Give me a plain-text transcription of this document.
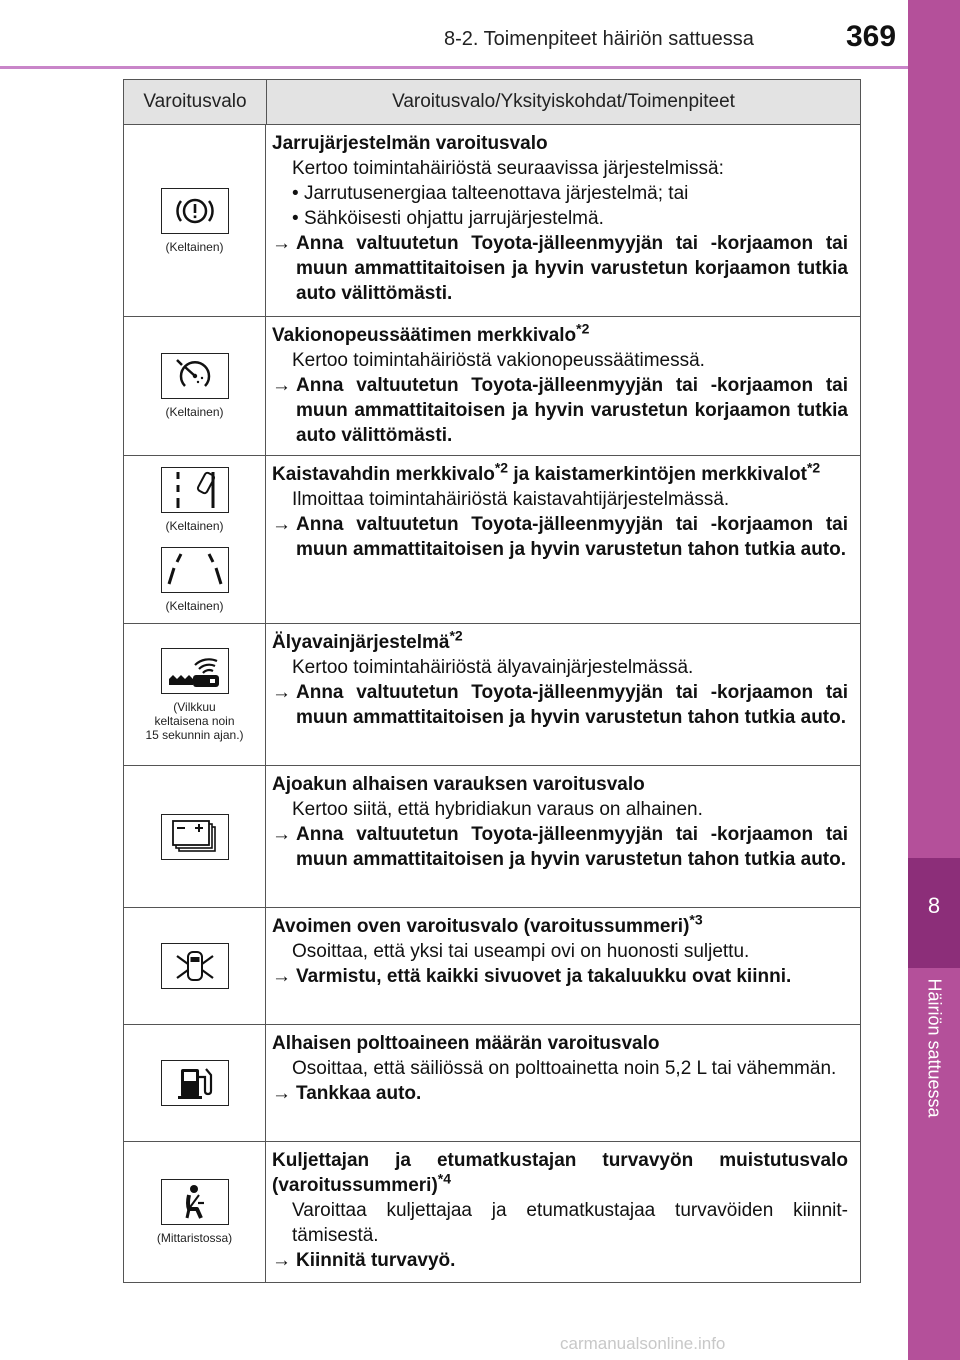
8-2. Toimenpiteet häiriön sattuessa	369
8
Häiriön sattuessa
Varoitusvalo	Varoitusvalo/Yksityiskohdat/Toimenpiteet
(Keltainen)
Jarrujärjestelmän varoitusvalo
Kertoo toimintahäiriöstä seuraavissa järjestelmissä:
• Jarrutusenergiaa talteenottava järjestelmä; tai
• Sähköisesti ohjattu jarrujärjestelmä.
→ Anna valtuutetun Toyota-jälleenmyyjän tai -korjaamon tai muun ammattitaitoisen ja hyvin varustetun korjaamon tutkia auto välittömästi.
(Keltainen)
Vakionopeussäätimen merkkivalo$^{*2}$
Kertoo toimintahäiriöstä vakionopeussäätimessä.
→ Anna valtuutetun Toyota-jälleenmyyjän tai -korjaamon tai muun ammattitaitoisen ja hyvin varustetun korjaamon tutkia auto välittömästi.
(Keltainen)
(Keltainen)
Kaistavahdin merkkivalo$^{*2}$ ja kaistamerkintöjen merkkivalot$^{*2}$
Ilmoittaa toimintahäiriöstä kaistavahtijärjestelmässä.
→ Anna valtuutetun Toyota-jälleenmyyjän tai -korjaamon tai muun ammattitaitoisen ja hyvin varustetun tahon tutkia auto.
(Vilkkuu
keltaisena noin
15 sekunnin ajan.)
Älyavainjärjestelmä$^{*2}$
Kertoo toimintahäiriöstä älyavainjärjestelmässä.
→ Anna valtuutetun Toyota-jälleenmyyjän tai -korjaamon tai muun ammattitaitoisen ja hyvin varustetun tahon tutkia auto.
Ajoakun alhaisen varauksen varoitusvalo
Kertoo siitä, että hybridiakun varaus on alhainen.
→ Anna valtuutetun Toyota-jälleenmyyjän tai -korjaamon tai muun ammattitaitoisen ja hyvin varustetun tahon tutkia auto.
Avoimen oven varoitusvalo (varoitussummeri)$^{*3}$
Osoittaa, että yksi tai useampi ovi on huonosti suljettu.
→ Varmistu, että kaikki sivuovet ja takaluukku ovat kiinni.
Alhaisen polttoaineen määrän varoitusvalo
Osoittaa, että säiliössä on polttoainetta noin 5,2 L tai vähemmän.
→ Tankkaa auto.
(Mittaristossa)
Kuljettajan ja etumatkustajan turvavyön muistutusvalo (varoitussummeri)$^{*4}$
Varoittaa kuljettajaa ja etumatkustajaa turvavöiden kiinnittämisestä.
→ Kiinnitä turvavyö.
carmanualsonline.info
